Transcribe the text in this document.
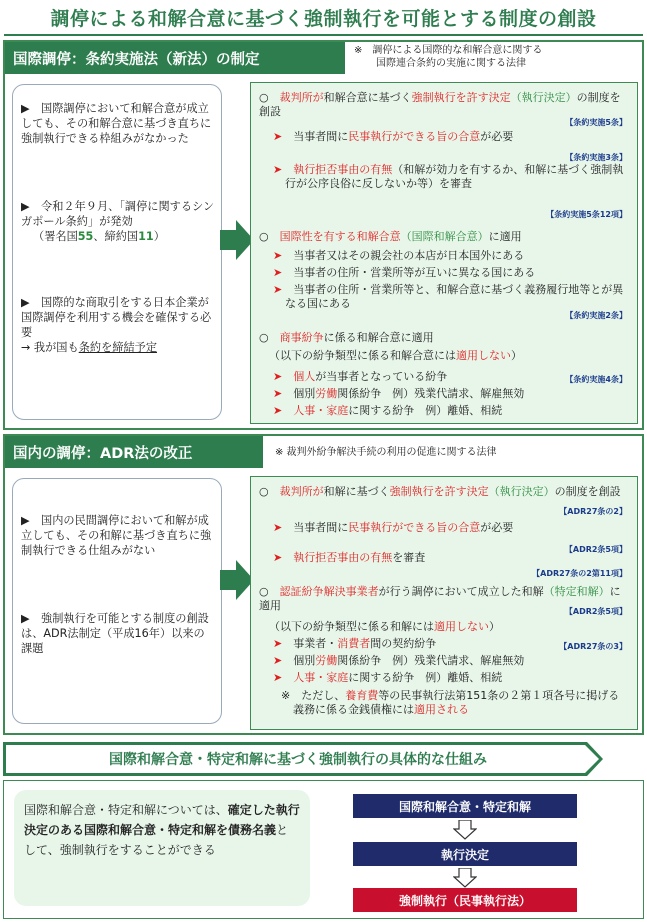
調停による和解合意に基づく強制執行を可能とする制度の創設
国際調停：条約実施法（新法）の制定
※　 調停による国際的な和解合意に関する
国際連合条約の実施に関する法律
▶ 国際調停において和解合意が成立しても、その和解合意に基づき直ちに強制執行できる枠組みがなかった
▶ 令和２年９月、「調停に関するシンガポール条約」が発効
（署名国55、締約国11）
▶ 国際的な商取引をする日本企業が国際調停を利用する機会を確保する必要
→ 我が国も条約を締結予定
○　裁判所が和解合意に基づく強制執行を許す決定（執行決定）の制度を創設
【条約実施5条】
➤　 当事者間に民事執行ができる旨の合意が必要
【条約実施3条】
➤　 執行拒否事由の有無（和解が効力を有するか、和解に基づく強制執行が公序良俗に反しないか等）を審査
【条約実施5条12項】
○　国際性を有する和解合意（国際和解合意）に適用
➤　 当事者又はその親会社の本店が日本国外にある
➤　 当事者の住所・営業所等が互いに異なる国にある
➤　 当事者の住所・営業所等と、和解合意に基づく義務履行地等とが異なる国にある
【条約実施2条】
○　商事紛争に係る和解合意に適用
（以下の紛争類型に係る和解合意には適用しない）
【条約実施4条】
➤　 個人が当事者となっている紛争
➤　 個別労働関係紛争　例）残業代請求、解雇無効
➤　 人事・家庭に関する紛争　例）離婚、相続
国内の調停：ADR法の改正	※ 裁判外紛争解決手続の利用の促進に関する法律
▶ 国内の民間調停において和解が成立しても、その和解に基づき直ちに強制執行できる仕組みがない
▶ 強制執行を可能とする制度の創設は、ADR法制定（平成16年）以来の課題
○　裁判所が和解に基づく強制執行を許す決定（執行決定）の制度を創設
【ADR27条の2】
➤　 当事者間に民事執行ができる旨の合意が必要
【ADR2条5項】
➤　 執行拒否事由の有無を審査
【ADR27条の2第11項】
○　認証紛争解決事業者が行う調停において成立した和解（特定和解）に適用	【ADR2条5項】
（以下の紛争類型に係る和解には適用しない）
【ADR27条の3】
➤　 事業者・消費者間の契約紛争
➤　 個別労働関係紛争　例）残業代請求、解雇無効
➤　 人事・家庭に関する紛争　例）離婚、相続
※　ただし、養育費等の民事執行法第151条の２第１項各号に掲げる義務に係る金銭債権には適用される
国際和解合意・特定和解に基づく強制執行の具体的な仕組み
国際和解合意・特定和解については、確定した執行決定のある国際和解合意・特定和解を債務名義として、強制執行をすることができる
国際和解合意・特定和解
執行決定
強制執行（民事執行法）
